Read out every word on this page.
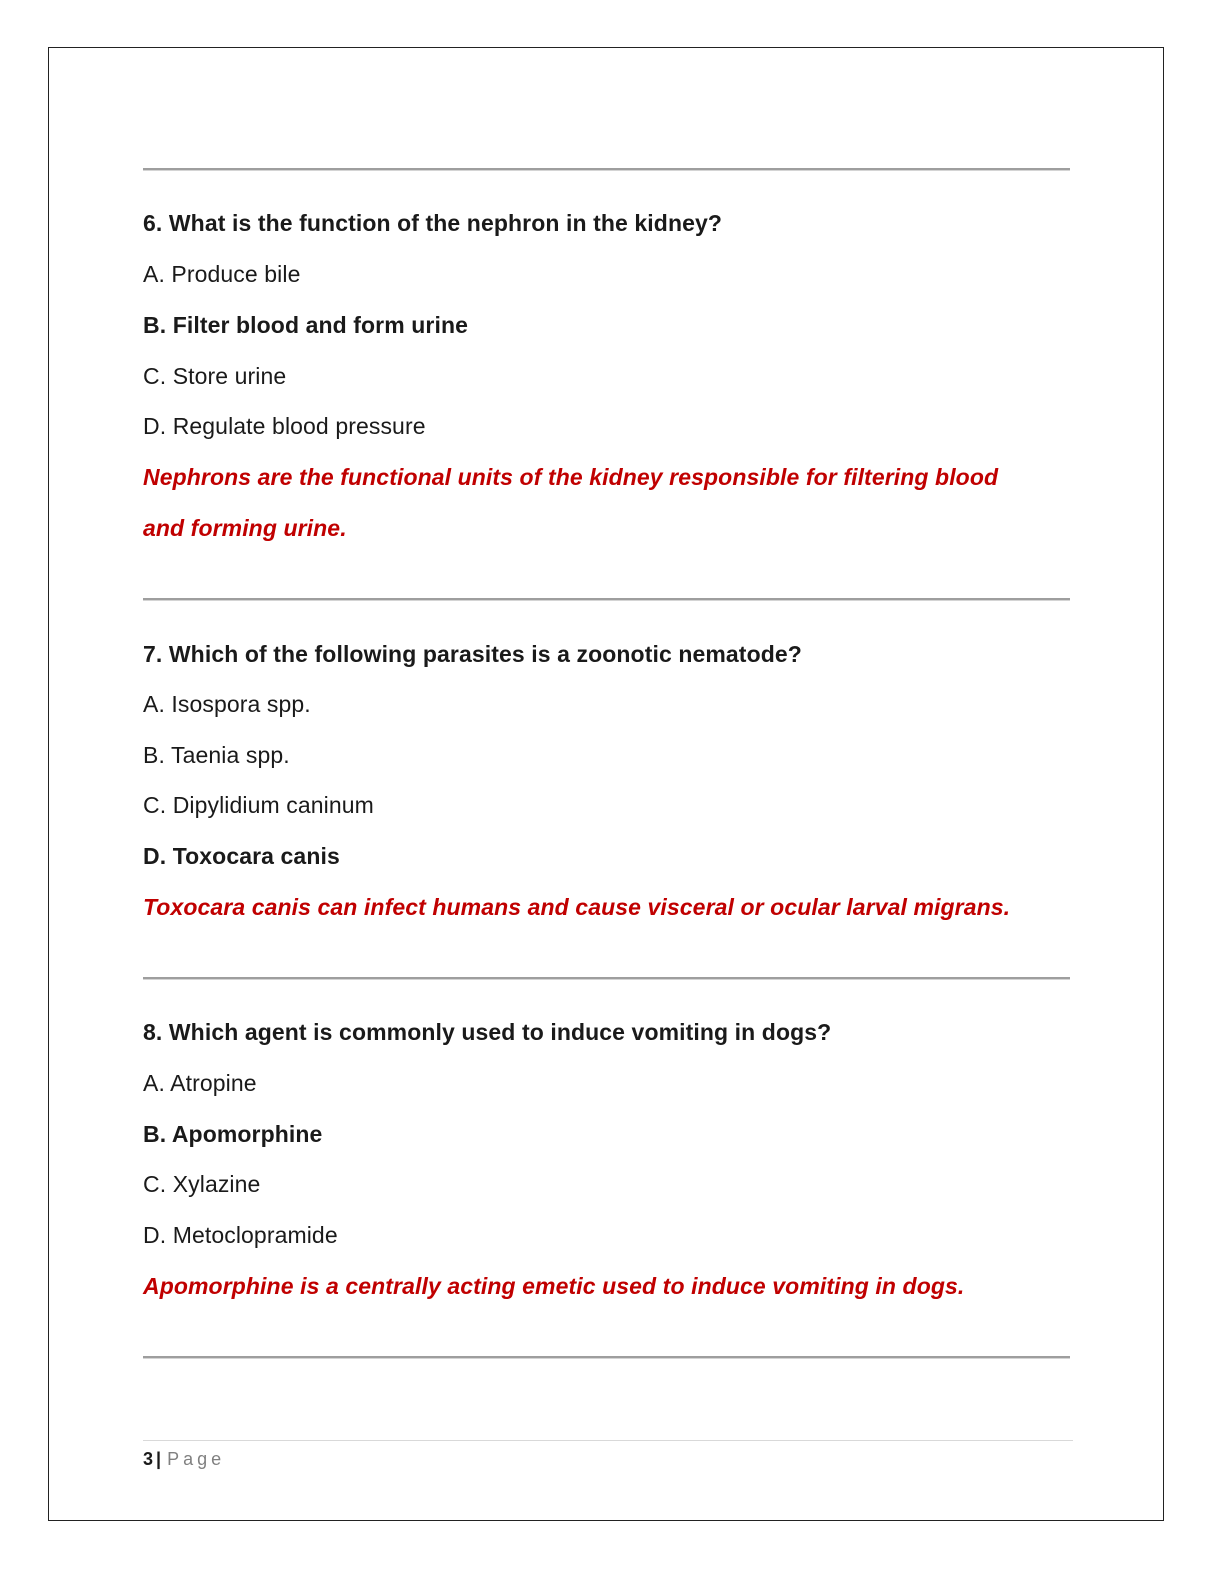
6. What is the function of the nephron in the kidney?
A. Produce bile
B. Filter blood and form urine
C. Store urine
D. Regulate blood pressure
Nephrons are the functional units of the kidney responsible for filtering blood
and forming urine.
7. Which of the following parasites is a zoonotic nematode?
A. Isospora spp.
B. Taenia spp.
C. Dipylidium caninum
D. Toxocara canis
Toxocara canis can infect humans and cause visceral or ocular larval migrans.
8. Which agent is commonly used to induce vomiting in dogs?
A. Atropine
B. Apomorphine
C. Xylazine
D. Metoclopramide
Apomorphine is a centrally acting emetic used to induce vomiting in dogs.
3 | Page
